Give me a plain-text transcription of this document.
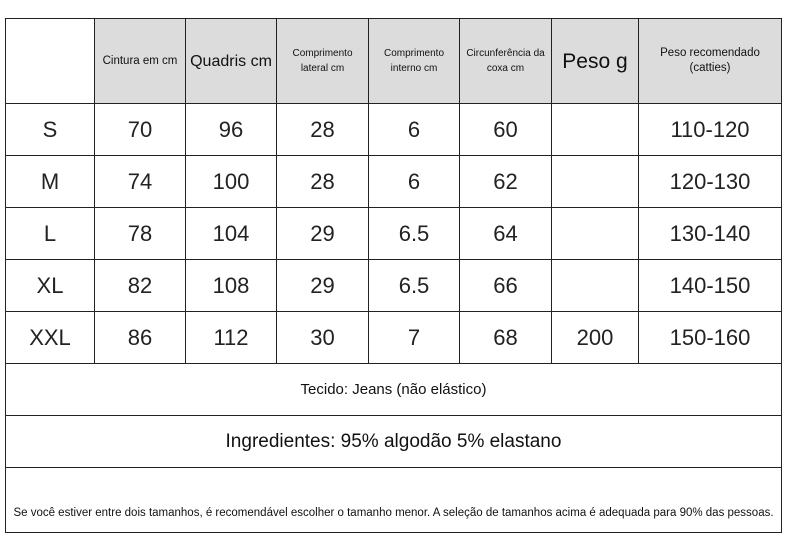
	Cintura em cm	Quadris cm	Comprimento lateral cm	Comprimento interno cm	Circunferência da coxa cm	Peso g	Peso recomendado (catties)
S	70	96	28	6	60		110-120
M	74	100	28	6	62		120-130
L	78	104	29	6.5	64		130-140
XL	82	108	29	6.5	66		140-150
XXL	86	112	30	7	68	200	150-160
Tecido: Jeans (não elástico)							
Ingredientes: 95% algodão 5% elastano							
Se você estiver entre dois tamanhos, é recomendável escolher o tamanho menor. A seleção de tamanhos acima é adequada para 90% das pessoas.							
